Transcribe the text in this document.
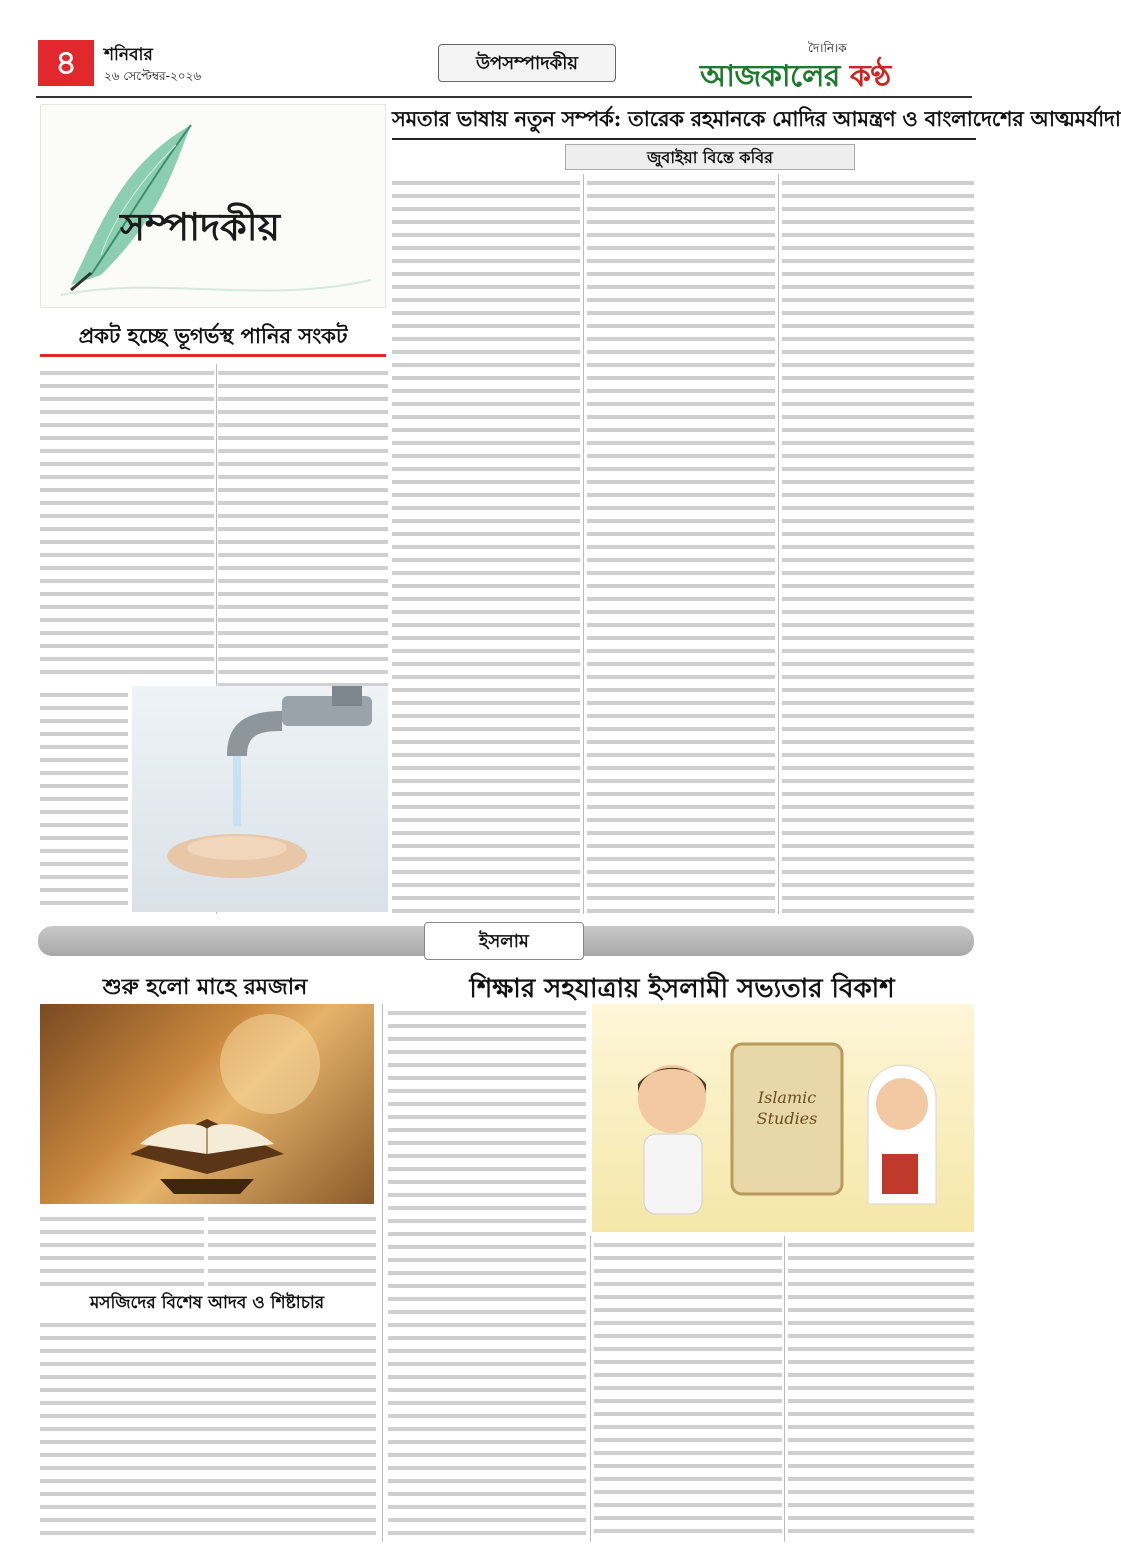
৪	শনিবার
২৬ সেপ্টেম্বর-২০২৬
উপসম্পাদকীয়
দৈ।নি।ক
আজকালের কণ্ঠ
সম্পাদকীয়
প্রকট হচ্ছে ভূগর্ভস্থ পানির সংকট
সমতার ভাষায় নতুন সম্পর্ক: তারেক রহমানকে মোদির আমন্ত্রণ ও বাংলাদেশের আত্মমর্যাদা
জুবাইয়া বিন্তে কবির
ইসলাম
শুরু হলো মাহে রমজান	শিক্ষার সহযাত্রায় ইসলামী সভ্যতার বিকাশ
মসজিদের বিশেষ আদব ও শিষ্টাচার
Islamic Studies
